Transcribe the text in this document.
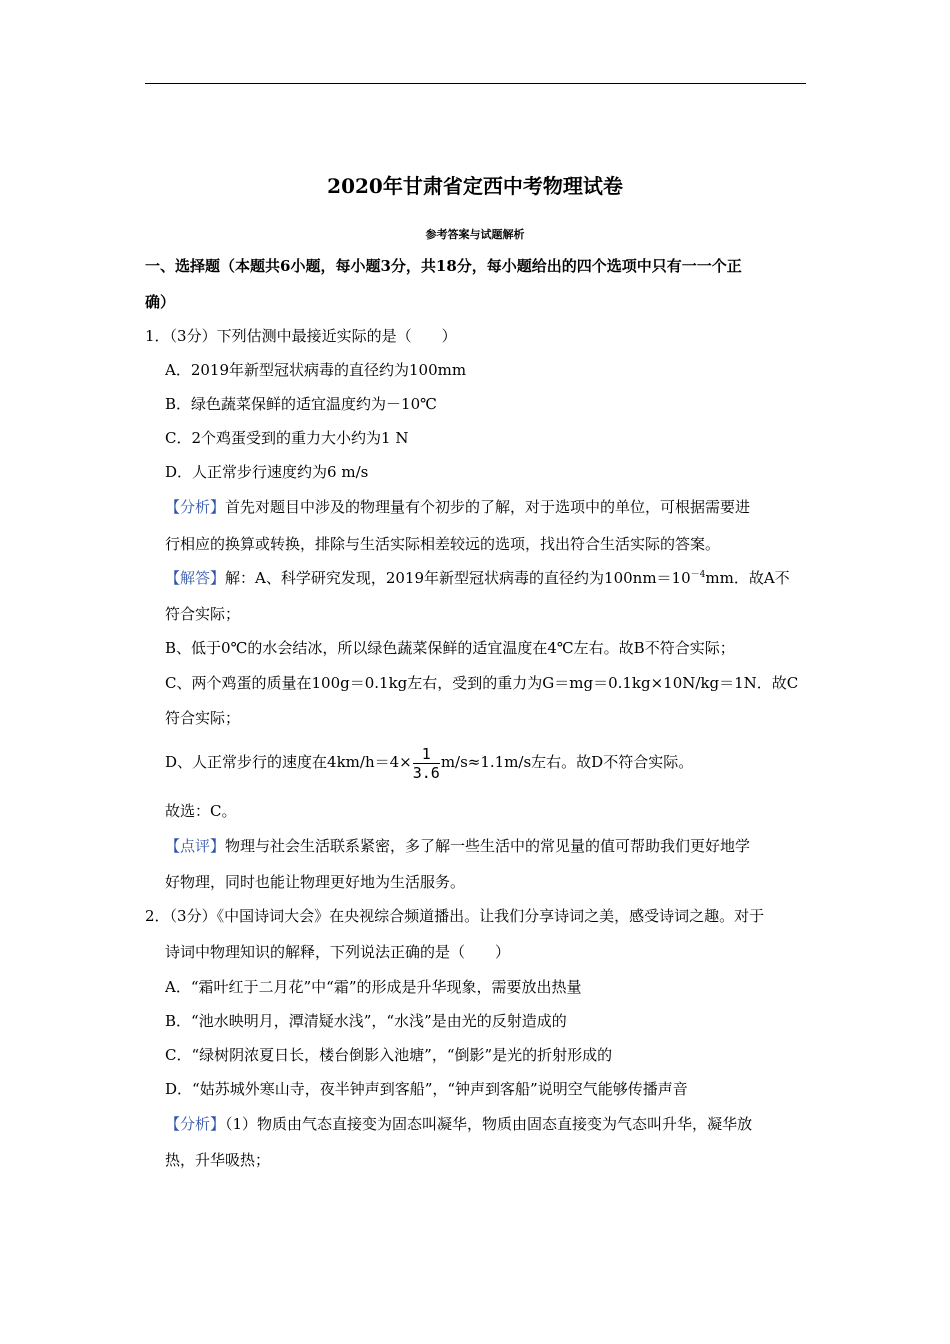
2020年甘肃省定西中考物理试卷
参考答案与试题解析
一、选择题（本题共6小题，每小题3分，共18分，每小题给出的四个选项中只有一一个正
确）
1．（3分）下列估测中最接近实际的是（　　）
A．2019年新型冠状病毒的直径约为100mm
B．绿色蔬菜保鲜的适宜温度约为－10℃
C．2个鸡蛋受到的重力大小约为1 N
D．人正常步行速度约为6 m/s
【分析】首先对题目中涉及的物理量有个初步的了解，对于选项中的单位，可根据需要进
行相应的换算或转换，排除与生活实际相差较远的选项，找出符合生活实际的答案。
【解答】解：A、科学研究发现，2019年新型冠状病毒的直径约为$100nm=10^{-4}mm$．故A不
符合实际；
B、低于0℃的水会结冰，所以绿色蔬菜保鲜的适宜温度在4℃左右。故B不符合实际；
C、两个鸡蛋的质量在100g＝0.1kg左右，受到的重力为G＝mg＝0.1kg×10N/kg＝1N．故C
符合实际；
D、人正常步行的速度在$4km/h=4\times \frac{1}{3.6} m/s\approx 1.1m/s$左右。故D不符合实际。
故选：C。
【点评】物理与社会生活联系紧密，多了解一些生活中的常见量的值可帮助我们更好地学
好物理，同时也能让物理更好地为生活服务。
2．（3分）《中国诗词大会》在央视综合频道播出。让我们分享诗词之美，感受诗词之趣。对于
诗词中物理知识的解释，下列说法正确的是（　　）
A．“霜叶红于二月花”中“霜”的形成是升华现象，需要放出热量
B．“池水映明月，潭清疑水浅”，“水浅”是由光的反射造成的
C．“绿树阴浓夏日长，楼台倒影入池塘”，“倒影”是光的折射形成的
D．“姑苏城外寒山寺，夜半钟声到客船”，“钟声到客船”说明空气能够传播声音
【分析】（1）物质由气态直接变为固态叫凝华，物质由固态直接变为气态叫升华，凝华放
热，升华吸热；
